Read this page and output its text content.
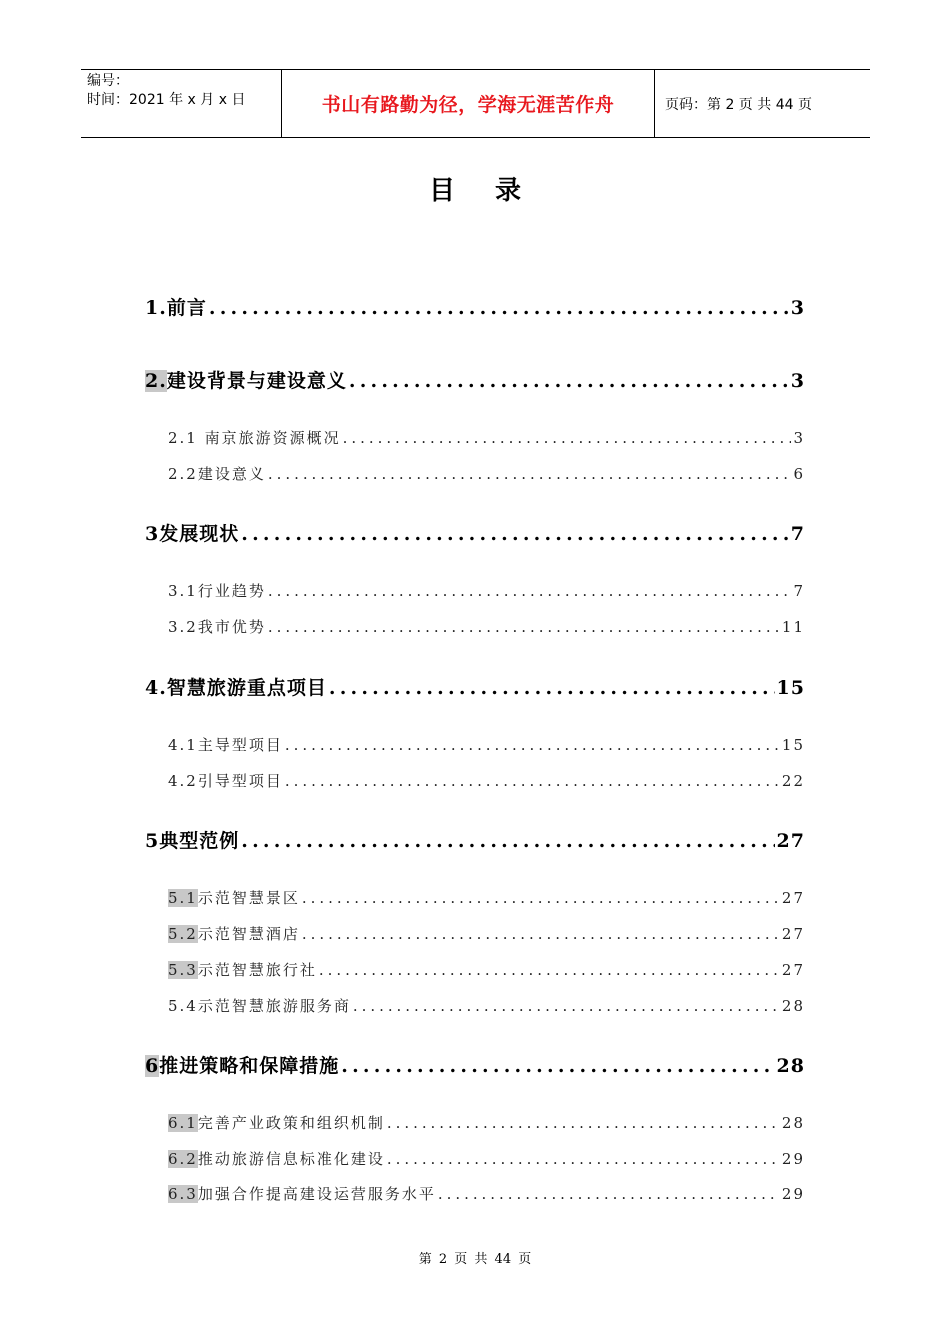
编号：
时间：2021 年 x 月 x 日	书山有路勤为径，学海无涯苦作舟	页码：第 2 页 共 44 页
目录
1.前言 . . .	3
2.建设背景与建设意义 . . .	3
2.1 南京旅游资源概况 . . .	3
2.2建设意义 . . .	6
3发展现状 . . .	7
3.1行业趋势 . . .	7
3.2我市优势 . . .	11
4.智慧旅游重点项目 . . .	15
4.1主导型项目 . . .	15
4.2引导型项目 . . .	22
5典型范例 . . .	27
5.1示范智慧景区 . . .	27
5.2示范智慧酒店 . . .	27
5.3示范智慧旅行社 . . .	27
5.4示范智慧旅游服务商 . . .	28
6推进策略和保障措施 . . .	28
6.1完善产业政策和组织机制 . . .	28
6.2推动旅游信息标准化建设 . . .	29
6.3加强合作提高建设运营服务水平 . . .	29
第 2 页 共 44 页
